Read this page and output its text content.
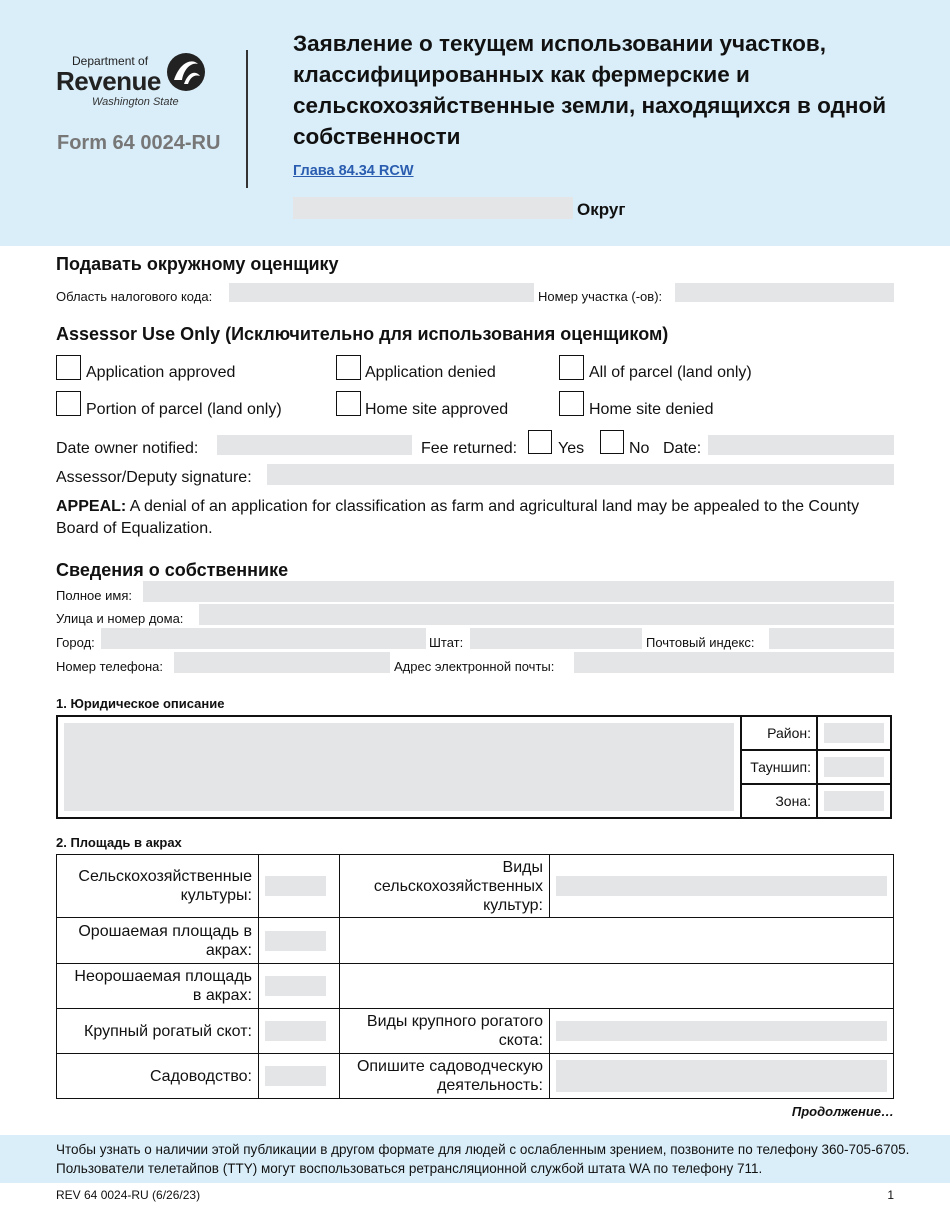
Department of
Revenue
Washington State
Form 64 0024-RU
Заявление о текущем использовании участков, классифицированных как фермерские и сельскохозяйственные земли, находящихся в одной собственности
Глава 84.34 RCW
Округ
Подавать окружному оценщику
Область налогового кода:	Номер участка (-ов):
Assessor Use Only (Исключительно для использования оценщиком)
Application approved	Application denied	All of parcel (land only)
Portion of parcel (land only)	Home site approved	Home site denied
Date owner notified:	Fee returned:	Yes	No Date:
Assessor/Deputy signature:
APPEAL: A denial of an application for classification as farm and agricultural land may be appealed to the County Board of Equalization.
Сведения о собственнике
Полное имя:
Улица и номер дома:
Город:	Штат:	Почтовый индекс:
Номер телефона:	Адрес электронной почты:
1. Юридическое описание
	Район:	

	Тауншип:	

	Зона:	
2. Площадь в акрах
Сельскохозяйственные культуры:		Виды сельскохозяйственных культур:	

Орошаемая площадь в акрах:		

Неорошаемая площадь в акрах:		

Крупный рогатый скот:		Виды крупного рогатого скота:	

Садоводство:		Опишите садоводческую деятельность:	
Продолжение…
Чтобы узнать о наличии этой публикации в другом формате для людей с ослабленным зрением, позвоните по телефону 360-705-6705. Пользователи телетайпов (TTY) могут воспользоваться ретрансляционной службой штата WA по телефону 711.
REV 64 0024-RU (6/26/23)	1
